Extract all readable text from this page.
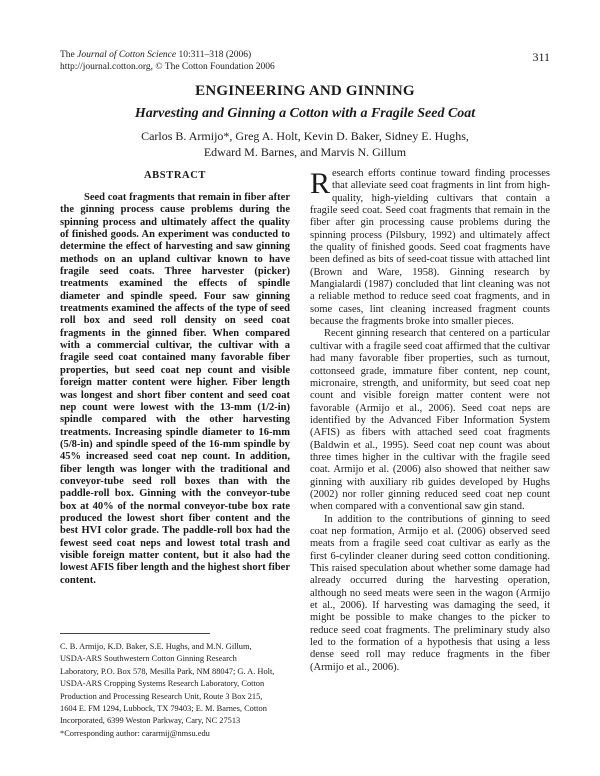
The Journal of Cotton Science 10:311–318 (2006)
http://journal.cotton.org, © The Cotton Foundation 2006
311
ENGINEERING AND GINNING
Harvesting and Ginning a Cotton with a Fragile Seed Coat
Carlos B. Armijo*, Greg A. Holt, Kevin D. Baker, Sidney E. Hughs,
Edward M. Barnes, and Marvis N. Gillum
ABSTRACT

Seed coat fragments that remain in fiber after the ginning process cause problems during the spinning process and ultimately affect the quality of finished goods. An experiment was conducted to determine the effect of harvesting and saw ginning methods on an upland cultivar known to have fragile seed coats. Three harvester (picker) treatments examined the effects of spindle diameter and spindle speed. Four saw ginning treatments examined the affects of the type of seed roll box and seed roll density on seed coat fragments in the ginned fiber. When compared with a commercial cultivar, the cultivar with a fragile seed coat contained many favorable fiber properties, but seed coat nep count and visible foreign matter content were higher. Fiber length was longest and short fiber content and seed coat nep count were lowest with the 13-mm (1/2-in) spindle compared with the other harvesting treatments. Increasing spindle diameter to 16-mm (5/8-in) and spindle speed of the 16-mm spindle by 45% increased seed coat nep count. In addition, fiber length was longer with the traditional and conveyor-tube seed roll boxes than with the paddle-roll box. Ginning with the conveyor-tube box at 40% of the normal conveyor-tube box rate produced the lowest short fiber content and the best HVI color grade. The paddle-roll box had the fewest seed coat neps and lowest total trash and visible foreign matter content, but it also had the lowest AFIS fiber length and the highest short fiber content.

C. B. Armijo, K.D. Baker, S.E. Hughs, and M.N. Gillum,
USDA-ARS Southwestern Cotton Ginning Research
Laboratory, P.O. Box 578, Mesilla Park, NM 88047; G. A. Holt,
USDA-ARS Cropping Systems Research Laboratory, Cotton
Production and Processing Research Unit, Route 3 Box 215,
1604 E. FM 1294, Lubbock, TX 79403; E. M. Barnes, Cotton
Incorporated, 6399 Weston Parkway, Cary, NC 27513
*Corresponding author: cararmij@nmsu.edu

Research efforts continue toward finding processes that alleviate seed coat fragments in lint from high-quality, high-yielding cultivars that contain a fragile seed coat. Seed coat fragments that remain in the fiber after gin processing cause problems during the spinning process (Pilsbury, 1992) and ultimately affect the quality of finished goods. Seed coat fragments have been defined as bits of seed-coat tissue with attached lint (Brown and Ware, 1958). Ginning research by Mangialardi (1987) concluded that lint cleaning was not a reliable method to reduce seed coat fragments, and in some cases, lint cleaning increased fragment counts because the fragments broke into smaller pieces.

Recent ginning research that centered on a particular cultivar with a fragile seed coat affirmed that the cultivar had many favorable fiber properties, such as turnout, cottonseed grade, immature fiber content, nep count, micronaire, strength, and uniformity, but seed coat nep count and visible foreign matter content were not favorable (Armijo et al., 2006). Seed coat neps are identified by the Advanced Fiber Information System (AFIS) as fibers with attached seed coat fragments (Baldwin et al., 1995). Seed coat nep count was about three times higher in the cultivar with the fragile seed coat. Armijo et al. (2006) also showed that neither saw ginning with auxiliary rib guides developed by Hughs (2002) nor roller ginning reduced seed coat nep count when compared with a conventional saw gin stand.

In addition to the contributions of ginning to seed coat nep formation, Armijo et al. (2006) observed seed meats from a fragile seed coat cultivar as early as the first 6-cylinder cleaner during seed cotton conditioning. This raised speculation about whether some damage had already occurred during the harvesting operation, although no seed meats were seen in the wagon (Armijo et al., 2006). If harvesting was damaging the seed, it might be possible to make changes to the picker to reduce seed coat fragments. The preliminary study also led to the formation of a hypothesis that using a less dense seed roll may reduce fragments in the fiber (Armijo et al., 2006).
